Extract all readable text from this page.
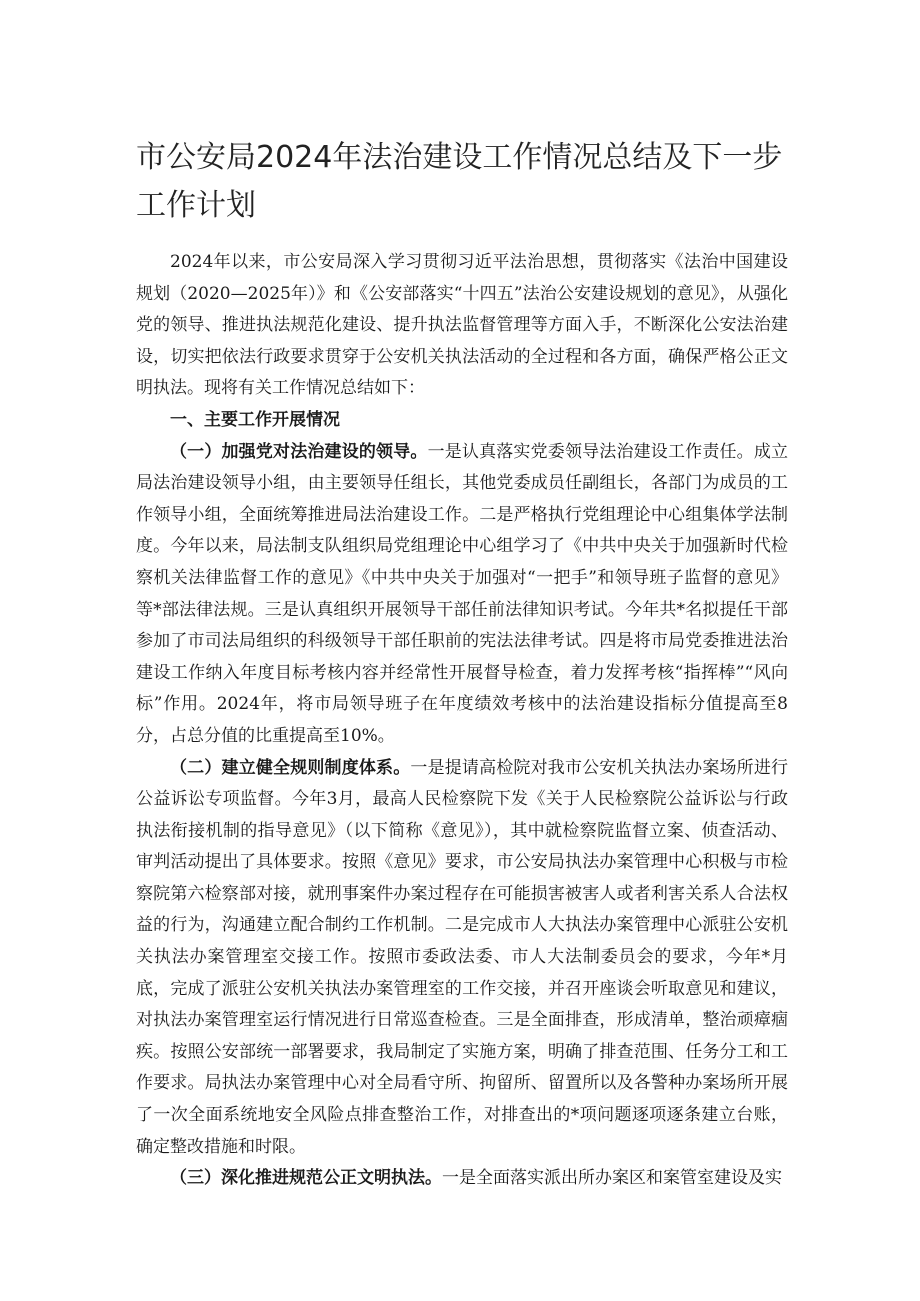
市公安局2024年法治建设工作情况总结及下一步工作计划

2024年以来，市公安局深入学习贯彻习近平法治思想，贯彻落实《法治中国建设规划（2020—2025年）》和《公安部落实“十四五”法治公安建设规划的意见》，从强化党的领导、推进执法规范化建设、提升执法监督管理等方面入手，不断深化公安法治建设，切实把依法行政要求贯穿于公安机关执法活动的全过程和各方面，确保严格公正文明执法。现将有关工作情况总结如下：

一、主要工作开展情况

（一）加强党对法治建设的领导。一是认真落实党委领导法治建设工作责任。成立局法治建设领导小组，由主要领导任组长，其他党委成员任副组长，各部门为成员的工作领导小组，全面统筹推进局法治建设工作。二是严格执行党组理论中心组集体学法制度。今年以来，局法制支队组织局党组理论中心组学习了《中共中央关于加强新时代检察机关法律监督工作的意见》《中共中央关于加强对“一把手”和领导班子监督的意见》等*部法律法规。三是认真组织开展领导干部任前法律知识考试。今年共*名拟提任干部参加了市司法局组织的科级领导干部任职前的宪法法律考试。四是将市局党委推进法治建设工作纳入年度目标考核内容并经常性开展督导检查，着力发挥考核“指挥棒”“风向标”作用。2024年，将市局领导班子在年度绩效考核中的法治建设指标分值提高至8分，占总分值的比重提高至10%。

（二）建立健全规则制度体系。一是提请高检院对我市公安机关执法办案场所进行公益诉讼专项监督。今年3月，最高人民检察院下发《关于人民检察院公益诉讼与行政执法衔接机制的指导意见》（以下简称《意见》），其中就检察院监督立案、侦查活动、审判活动提出了具体要求。按照《意见》要求，市公安局执法办案管理中心积极与市检察院第六检察部对接，就刑事案件办案过程存在可能损害被害人或者利害关系人合法权益的行为，沟通建立配合制约工作机制。二是完成市人大执法办案管理中心派驻公安机关执法办案管理室交接工作。按照市委政法委、市人大法制委员会的要求，今年*月底，完成了派驻公安机关执法办案管理室的工作交接，并召开座谈会听取意见和建议，对执法办案管理室运行情况进行日常巡查检查。三是全面排查，形成清单，整治顽瘴痼疾。按照公安部统一部署要求，我局制定了实施方案，明确了排查范围、任务分工和工作要求。局执法办案管理中心对全局看守所、拘留所、留置所以及各警种办案场所开展了一次全面系统地安全风险点排查整治工作，对排查出的*项问题逐项逐条建立台账，确定整改措施和时限。

（三）深化推进规范公正文明执法。一是全面落实派出所办案区和案管室建设及实
